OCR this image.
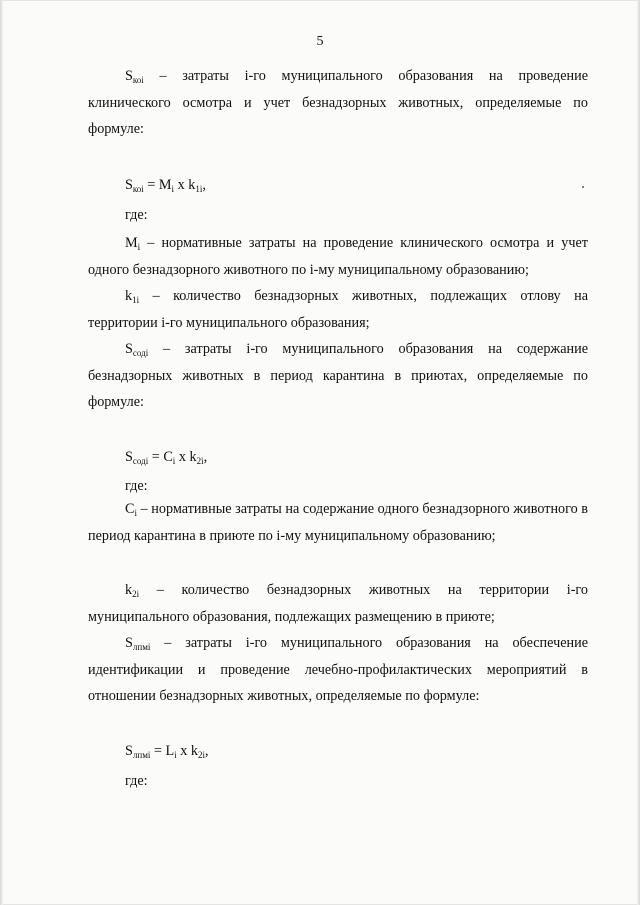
5

$S_{коі}$ – затраты і-го муниципального образования на проведение клинического осмотра и учет безнадзорных животных, определяемые по формуле:

$S_{коі} = M_i$ x $k_{1i}$,

где:

$M_i$ – нормативные затраты на проведение клинического осмотра и учет одного безнадзорного животного по i-му муниципальному образованию;

$k_{1i}$ – количество безнадзорных животных, подлежащих отлову на территории i-го муниципального образования;

$S_{содi}$ – затраты i-го муниципального образования на содержание безнадзорных животных в период карантина в приютах, определяемые по формуле:

$S_{содi} = C_i$ x $k_{2i}$,

где:

$C_i$ – нормативные затраты на содержание одного безнадзорного животного в период карантина в приюте по i-му муниципальному образованию;

$k_{2i}$ – количество безнадзорных животных на территории i-го муниципального образования, подлежащих размещению в приюте;

$S_{лпмі}$ – затраты i-го муниципального образования на обеспечение идентификации и проведение лечебно-профилактических мероприятий в отношении безнадзорных животных, определяемые по формуле:

$S_{лпмі} = L_i$ x $k_{2i}$,

где:
